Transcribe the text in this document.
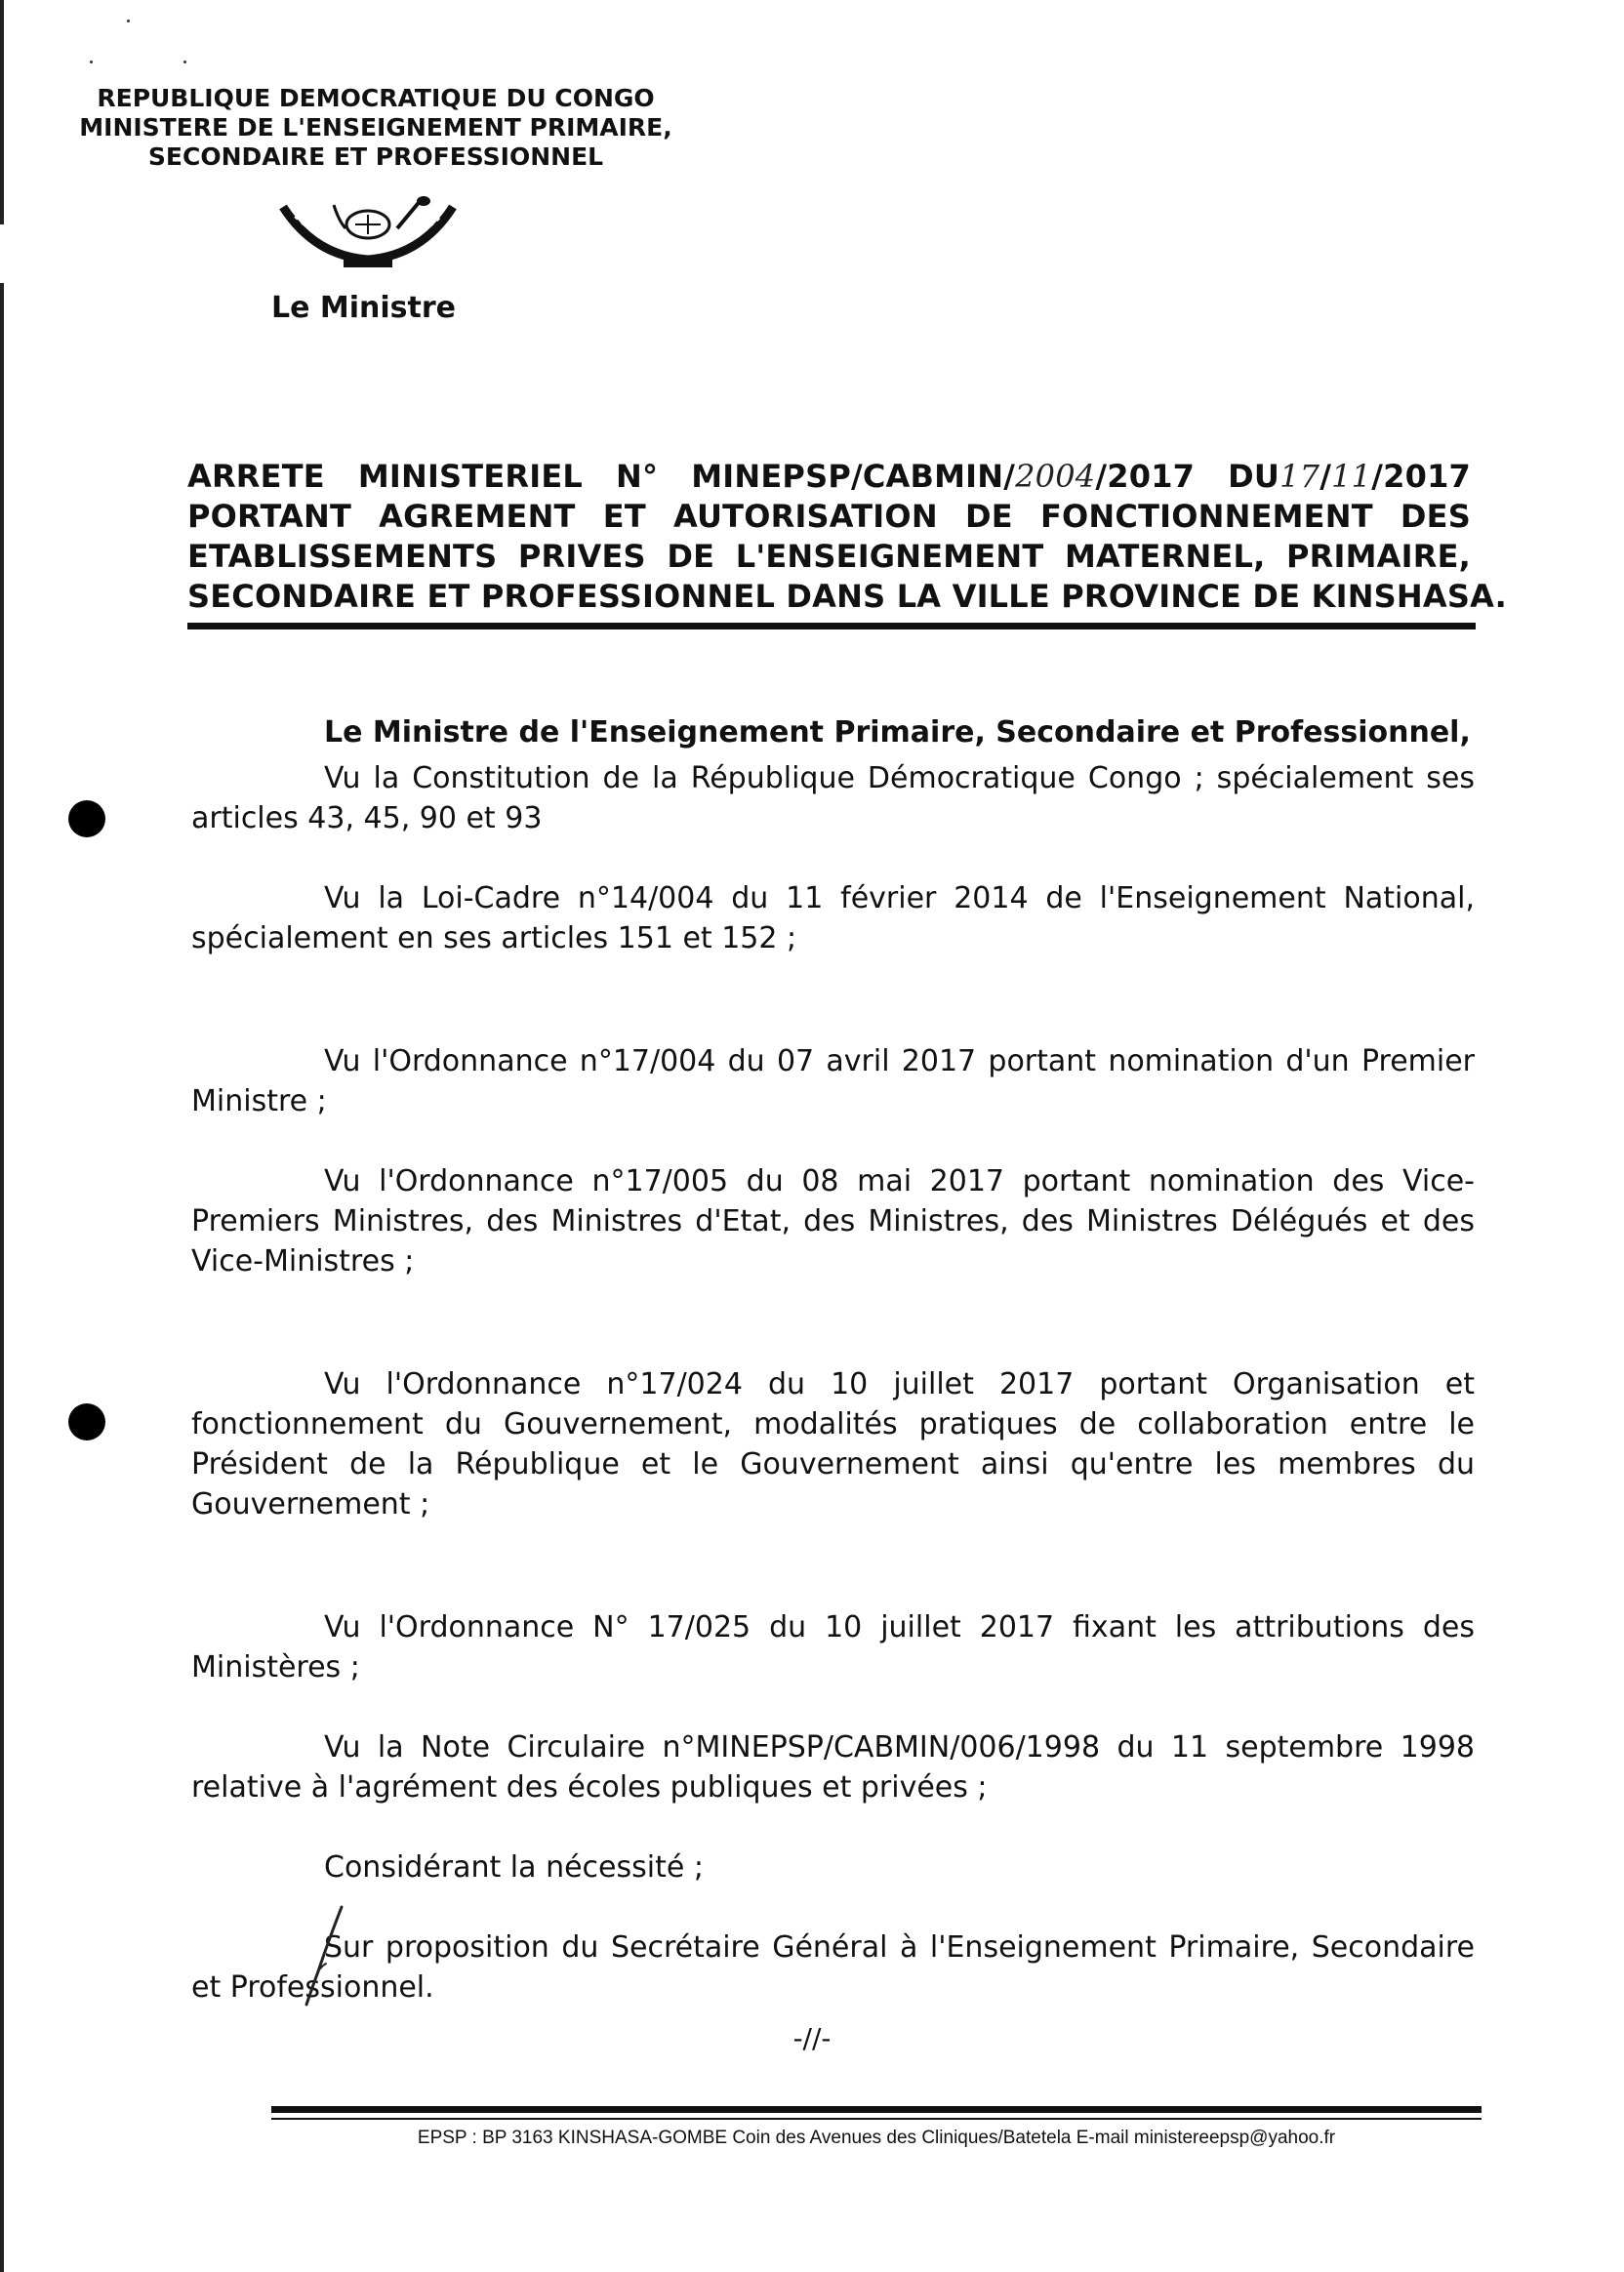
REPUBLIQUE DEMOCRATIQUE DU CONGO
MINISTERE DE L'ENSEIGNEMENT PRIMAIRE,
SECONDAIRE ET PROFESSIONNEL
Le Ministre
ARRETE MINISTERIEL N° MINEPSP/CABMIN/2004/2017 DU17/11/2017
PORTANT AGREMENT ET AUTORISATION DE FONCTIONNEMENT DES
ETABLISSEMENTS PRIVES DE L'ENSEIGNEMENT MATERNEL, PRIMAIRE,
SECONDAIRE ET PROFESSIONNEL DANS LA VILLE PROVINCE DE KINSHASA.
Le Ministre de l'Enseignement Primaire, Secondaire et Professionnel,

Vu la Constitution de la République Démocratique Congo ; spécialement ses articles 43, 45, 90 et 93

Vu la Loi-Cadre n°14/004 du 11 février 2014 de l'Enseignement National, spécialement en ses articles 151 et 152 ;

Vu l'Ordonnance n°17/004 du 07 avril 2017 portant nomination d'un Premier Ministre ;

Vu l'Ordonnance n°17/005 du 08 mai 2017 portant nomination des Vice-Premiers Ministres, des Ministres d'Etat, des Ministres, des Ministres Délégués et des Vice-Ministres ;

Vu l'Ordonnance n°17/024 du 10 juillet 2017 portant Organisation et fonctionnement du Gouvernement, modalités pratiques de collaboration entre le Président de la République et le Gouvernement ainsi qu'entre les membres du Gouvernement ;

Vu l'Ordonnance N° 17/025 du 10 juillet 2017 fixant les attributions des Ministères ;

Vu la Note Circulaire n°MINEPSP/CABMIN/006/1998 du 11 septembre 1998 relative à l'agrément des écoles publiques et privées ;

Considérant la nécessité ;

Sur proposition du Secrétaire Général à l'Enseignement Primaire, Secondaire et Professionnel.

-//-
EPSP : BP 3163 KINSHASA-GOMBE Coin des Avenues des Cliniques/Batetela E-mail ministereepsp@yahoo.fr
